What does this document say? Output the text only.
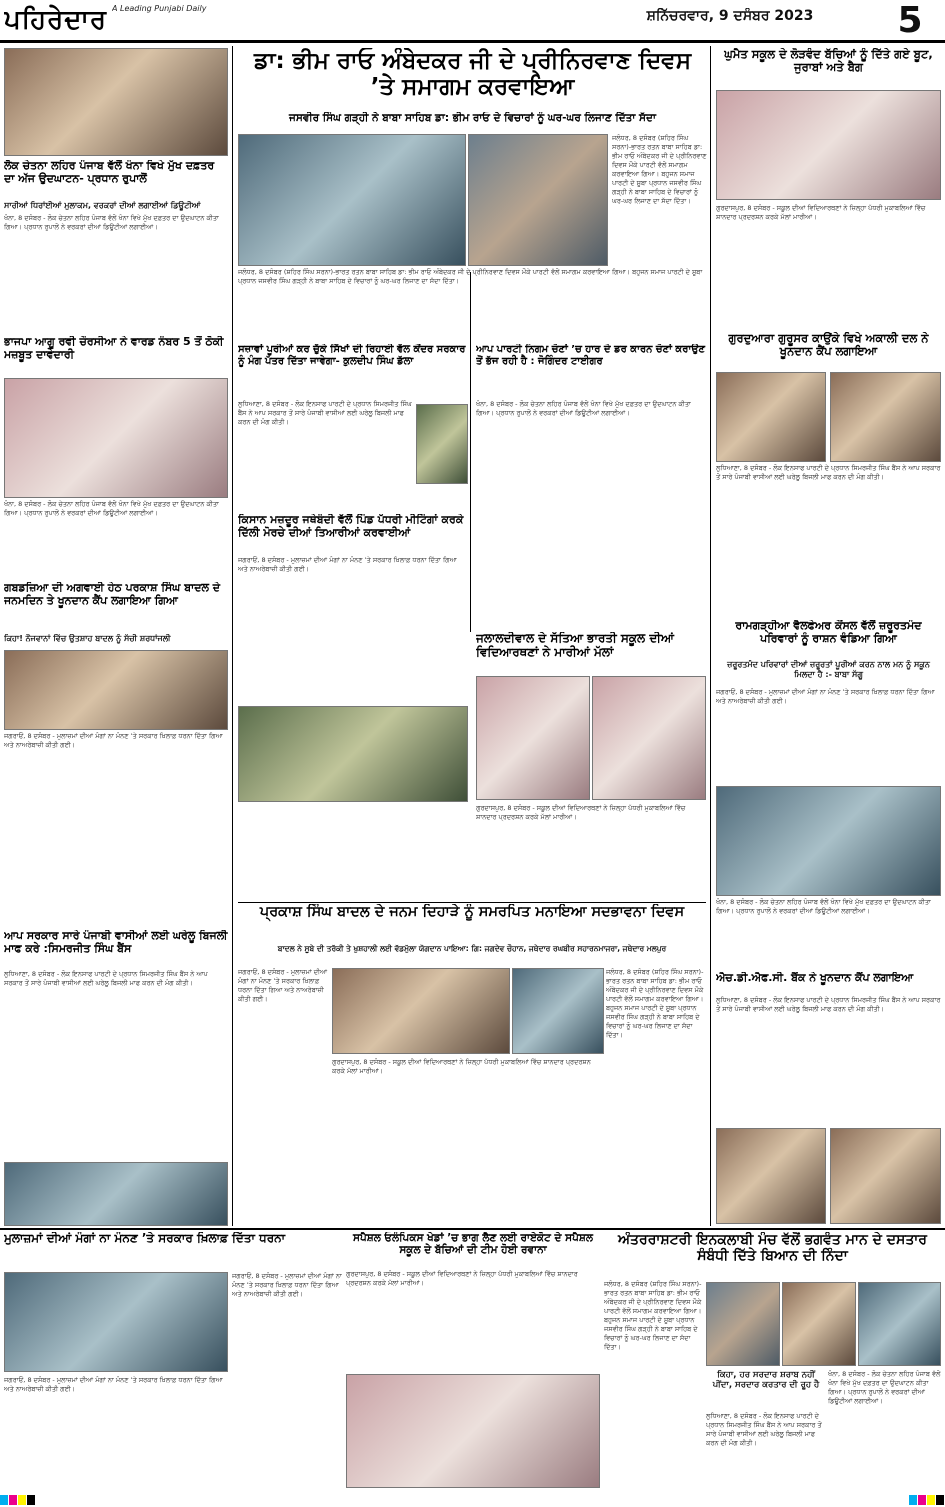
ਪਹਿਰੇਦਾਰ A Leading Punjabi Daily	ਸ਼ਨਿੱਚਰਵਾਰ, 9 ਦਸੰਬਰ 2023	5
ਡਾ: ਭੀਮ ਰਾਓ ਅੰਬੇਦਕਰ ਜੀ ਦੇ ਪ੍ਰੀਨਿਰਵਾਣ ਦਿਵਸ ’ਤੇ ਸਮਾਗਮ ਕਰਵਾਇਆ
ਜਸਵੀਰ ਸਿੰਘ ਗੜ੍ਹੀ ਨੇ ਬਾਬਾ ਸਾਹਿਬ ਡਾ: ਭੀਮ ਰਾਓ ਦੇ ਵਿਚਾਰਾਂ ਨੂੰ ਘਰ-ਘਰ ਲਿਜਾਣ ਦਿੱਤਾ ਸੱਦਾ
ਜਲੰਧਰ, 8 ਦਸੰਬਰ (ਸ਼ਹਿਰ ਸਿੰਘ ਸਰਨਾ)-ਭਾਰਤ ਰਤਨ ਬਾਬਾ ਸਾਹਿਬ ਡਾ: ਭੀਮ ਰਾਓ ਅੰਬੇਦਕਰ ਜੀ ਦੇ ਪ੍ਰੀਨਿਰਵਾਣ ਦਿਵਸ ਮੌਕੇ ਪਾਰਟੀ ਵੱਲੋਂ ਸਮਾਗਮ ਕਰਵਾਇਆ ਗਿਆ। ਬਹੁਜਨ ਸਮਾਜ ਪਾਰਟੀ ਦੇ ਸੂਬਾ ਪ੍ਰਧਾਨ ਜਸਵੀਰ ਸਿੰਘ ਗੜ੍ਹੀ ਨੇ ਬਾਬਾ ਸਾਹਿਬ ਦੇ ਵਿਚਾਰਾਂ ਨੂੰ ਘਰ-ਘਰ ਲਿਜਾਣ ਦਾ ਸੱਦਾ ਦਿੱਤਾ।
ਜਲੰਧਰ, 8 ਦਸੰਬਰ (ਸ਼ਹਿਰ ਸਿੰਘ ਸਰਨਾ)-ਭਾਰਤ ਰਤਨ ਬਾਬਾ ਸਾਹਿਬ ਡਾ: ਭੀਮ ਰਾਓ ਅੰਬੇਦਕਰ ਜੀ ਦੇ ਪ੍ਰੀਨਿਰਵਾਣ ਦਿਵਸ ਮੌਕੇ ਪਾਰਟੀ ਵੱਲੋਂ ਸਮਾਗਮ ਕਰਵਾਇਆ ਗਿਆ। ਬਹੁਜਨ ਸਮਾਜ ਪਾਰਟੀ ਦੇ ਸੂਬਾ ਪ੍ਰਧਾਨ ਜਸਵੀਰ ਸਿੰਘ ਗੜ੍ਹੀ ਨੇ ਬਾਬਾ ਸਾਹਿਬ ਦੇ ਵਿਚਾਰਾਂ ਨੂੰ ਘਰ-ਘਰ ਲਿਜਾਣ ਦਾ ਸੱਦਾ ਦਿੱਤਾ।
ਲੋਕ ਚੇਤਨਾ ਲਹਿਰ ਪੰਜਾਬ ਵੱਲੋਂ ਖੰਨਾ ਵਿਖੇ ਮੁੱਖ ਦਫ਼ਤਰ ਦਾ ਅੱਜ ਉਦਘਾਟਨ- ਪ੍ਰਧਾਨ ਰੁਪਾਲੋਂ
ਸਾਰੀਆਂ ਧਿਰਾਂਈਆਂ ਮੁਲਾਕਮ, ਵਰਕਰਾਂ ਦੀਆਂ ਲਗਾਈਆਂ ਡਿਊਟੀਆਂ
ਖੰਨਾ, 8 ਦਸੰਬਰ - ਲੋਕ ਚੇਤਨਾ ਲਹਿਰ ਪੰਜਾਬ ਵੱਲੋਂ ਖੰਨਾ ਵਿਖੇ ਮੁੱਖ ਦਫ਼ਤਰ ਦਾ ਉਦਘਾਟਨ ਕੀਤਾ ਗਿਆ। ਪ੍ਰਧਾਨ ਰੁਪਾਲੋਂ ਨੇ ਵਰਕਰਾਂ ਦੀਆਂ ਡਿਊਟੀਆਂ ਲਗਾਈਆਂ।
ਭਾਜਪਾ ਆਗੂ ਰਵੀ ਚੌਰਸੀਆ ਨੇ ਵਾਰਡ ਨੰਬਰ 5 ਤੋਂ ਠੋਕੀ ਮਜ਼ਬੂਤ ਦਾਵੇਦਾਰੀ
ਖੰਨਾ, 8 ਦਸੰਬਰ - ਲੋਕ ਚੇਤਨਾ ਲਹਿਰ ਪੰਜਾਬ ਵੱਲੋਂ ਖੰਨਾ ਵਿਖੇ ਮੁੱਖ ਦਫ਼ਤਰ ਦਾ ਉਦਘਾਟਨ ਕੀਤਾ ਗਿਆ। ਪ੍ਰਧਾਨ ਰੁਪਾਲੋਂ ਨੇ ਵਰਕਰਾਂ ਦੀਆਂ ਡਿਊਟੀਆਂ ਲਗਾਈਆਂ।
ਗਬਡਜ਼ਿਆ ਦੀ ਅਗਵਾਈ ਹੇਠ ਪਰਕਾਸ਼ ਸਿੰਘ ਬਾਦਲ ਦੇ ਜਨਮਦਿਨ ਤੇ ਖੂਨਦਾਨ ਕੈਂਪ ਲਗਾਇਆ ਗਿਆ
ਕਿਹਾ! ਨੌਜਵਾਨਾਂ ਵਿੱਚ ਉਤਸ਼ਾਹ ਬਾਦਲ ਨੂੰ ਸੱਚੀ ਸ਼ਰਧਾਂਜਲੀ
ਜਗਰਾਓਂ, 8 ਦਸੰਬਰ - ਮੁਲਾਜ਼ਮਾਂ ਦੀਆਂ ਮੰਗਾਂ ਨਾ ਮੰਨਣ ’ਤੇ ਸਰਕਾਰ ਖ਼ਿਲਾਫ਼ ਧਰਨਾ ਦਿੱਤਾ ਗਿਆ ਅਤੇ ਨਾਅਰੇਬਾਜ਼ੀ ਕੀਤੀ ਗਈ।
ਆਪ ਸਰਕਾਰ ਸਾਰੇ ਪੰਜਾਬੀ ਵਾਸੀਆਂ ਲਈ ਘਰੇਲੂ ਬਿਜਲੀ ਮਾਫ ਕਰੇ :ਸਿਮਰਜੀਤ ਸਿੰਘ ਬੈਂਸ
ਲੁਧਿਆਣਾ, 8 ਦਸੰਬਰ - ਲੋਕ ਇਨਸਾਫ ਪਾਰਟੀ ਦੇ ਪ੍ਰਧਾਨ ਸਿਮਰਜੀਤ ਸਿੰਘ ਬੈਂਸ ਨੇ ਆਪ ਸਰਕਾਰ ਤੋਂ ਸਾਰੇ ਪੰਜਾਬੀ ਵਾਸੀਆਂ ਲਈ ਘਰੇਲੂ ਬਿਜਲੀ ਮਾਫ ਕਰਨ ਦੀ ਮੰਗ ਕੀਤੀ।
ਸਜ਼ਾਵਾਂ ਪੂਰੀਆਂ ਕਰ ਚੁੱਕੇ ਸਿੱਖਾਂ ਦੀ ਰਿਹਾਈ ਵੱਲ ਕੇਂਦਰ ਸਰਕਾਰ ਨੂੰ ਮੰਗ ਪੱਤਰ ਦਿੱਤਾ ਜਾਵੇਗਾ- ਕੁਲਦੀਪ ਸਿੰਘ ਡੱਲਾ
ਲੁਧਿਆਣਾ, 8 ਦਸੰਬਰ - ਲੋਕ ਇਨਸਾਫ ਪਾਰਟੀ ਦੇ ਪ੍ਰਧਾਨ ਸਿਮਰਜੀਤ ਸਿੰਘ ਬੈਂਸ ਨੇ ਆਪ ਸਰਕਾਰ ਤੋਂ ਸਾਰੇ ਪੰਜਾਬੀ ਵਾਸੀਆਂ ਲਈ ਘਰੇਲੂ ਬਿਜਲੀ ਮਾਫ ਕਰਨ ਦੀ ਮੰਗ ਕੀਤੀ।
ਆਪ ਪਾਰਟੀ ਨਿਗਮ ਚੋਣਾਂ ’ਚ ਹਾਰ ਦੇ ਡਰ ਕਾਰਨ ਚੋਣਾਂ ਕਰਾਉਣ ਤੋਂ ਭੱਜ ਰਹੀ ਹੈ : ਜੋਗਿੰਦਰ ਟਾਈਗਰ
ਖੰਨਾ, 8 ਦਸੰਬਰ - ਲੋਕ ਚੇਤਨਾ ਲਹਿਰ ਪੰਜਾਬ ਵੱਲੋਂ ਖੰਨਾ ਵਿਖੇ ਮੁੱਖ ਦਫ਼ਤਰ ਦਾ ਉਦਘਾਟਨ ਕੀਤਾ ਗਿਆ। ਪ੍ਰਧਾਨ ਰੁਪਾਲੋਂ ਨੇ ਵਰਕਰਾਂ ਦੀਆਂ ਡਿਊਟੀਆਂ ਲਗਾਈਆਂ।
ਕਿਸਾਨ ਮਜ਼ਦੂਰ ਜਥੇਬੰਦੀ ਵੱਲੋਂ ਪਿੰਡ ਪੱਧਰੀ ਮੀਟਿੰਗਾਂ ਕਰਕੇ ਦਿੱਲੀ ਮੋਰਚੇ ਦੀਆਂ ਤਿਆਰੀਆਂ ਕਰਵਾਈਆਂ
ਜਗਰਾਓਂ, 8 ਦਸੰਬਰ - ਮੁਲਾਜ਼ਮਾਂ ਦੀਆਂ ਮੰਗਾਂ ਨਾ ਮੰਨਣ ’ਤੇ ਸਰਕਾਰ ਖ਼ਿਲਾਫ਼ ਧਰਨਾ ਦਿੱਤਾ ਗਿਆ ਅਤੇ ਨਾਅਰੇਬਾਜ਼ੀ ਕੀਤੀ ਗਈ।
ਜਲਾਲਦੀਵਾਲ ਦੇ ਸੱਤਿਆ ਭਾਰਤੀ ਸਕੂਲ ਦੀਆਂ ਵਿਦਿਆਰਥਣਾਂ ਨੇ ਮਾਰੀਆਂ ਮੱਲਾਂ
ਗੁਰਦਾਸਪੁਰ, 8 ਦਸੰਬਰ - ਸਕੂਲ ਦੀਆਂ ਵਿਦਿਆਰਥਣਾਂ ਨੇ ਜ਼ਿਲ੍ਹਾ ਪੱਧਰੀ ਮੁਕਾਬਲਿਆਂ ਵਿੱਚ ਸ਼ਾਨਦਾਰ ਪ੍ਰਦਰਸ਼ਨ ਕਰਕੇ ਮੱਲਾਂ ਮਾਰੀਆਂ।
ਪ੍ਰਕਾਸ਼ ਸਿੰਘ ਬਾਦਲ ਦੇ ਜਨਮ ਦਿਹਾੜੇ ਨੂੰ ਸਮਰਪਿਤ ਮਨਾਇਆ ਸਦਭਾਵਨਾ ਦਿਵਸ
ਬਾਦਲ ਨੇ ਸੂਬੇ ਦੀ ਤਰੱਕੀ ਤੇ ਖੁਸ਼ਹਾਲੀ ਲਈ ਵੱਡਮੁੱਲਾ ਯੋਗਦਾਨ ਪਾਇਆ: ਗਿ: ਜਗਦੇਵ ਚੌਹਾਨ, ਜਥੇਦਾਰ ਰਘਬੀਰ ਸਹਾਰਨਮਾਜਰਾ, ਜਥੇਦਾਰ ਮਲਪੁਰ
ਜਗਰਾਓਂ, 8 ਦਸੰਬਰ - ਮੁਲਾਜ਼ਮਾਂ ਦੀਆਂ ਮੰਗਾਂ ਨਾ ਮੰਨਣ ’ਤੇ ਸਰਕਾਰ ਖ਼ਿਲਾਫ਼ ਧਰਨਾ ਦਿੱਤਾ ਗਿਆ ਅਤੇ ਨਾਅਰੇਬਾਜ਼ੀ ਕੀਤੀ ਗਈ।
ਜਲੰਧਰ, 8 ਦਸੰਬਰ (ਸ਼ਹਿਰ ਸਿੰਘ ਸਰਨਾ)-ਭਾਰਤ ਰਤਨ ਬਾਬਾ ਸਾਹਿਬ ਡਾ: ਭੀਮ ਰਾਓ ਅੰਬੇਦਕਰ ਜੀ ਦੇ ਪ੍ਰੀਨਿਰਵਾਣ ਦਿਵਸ ਮੌਕੇ ਪਾਰਟੀ ਵੱਲੋਂ ਸਮਾਗਮ ਕਰਵਾਇਆ ਗਿਆ। ਬਹੁਜਨ ਸਮਾਜ ਪਾਰਟੀ ਦੇ ਸੂਬਾ ਪ੍ਰਧਾਨ ਜਸਵੀਰ ਸਿੰਘ ਗੜ੍ਹੀ ਨੇ ਬਾਬਾ ਸਾਹਿਬ ਦੇ ਵਿਚਾਰਾਂ ਨੂੰ ਘਰ-ਘਰ ਲਿਜਾਣ ਦਾ ਸੱਦਾ ਦਿੱਤਾ।
ਗੁਰਦਾਸਪੁਰ, 8 ਦਸੰਬਰ - ਸਕੂਲ ਦੀਆਂ ਵਿਦਿਆਰਥਣਾਂ ਨੇ ਜ਼ਿਲ੍ਹਾ ਪੱਧਰੀ ਮੁਕਾਬਲਿਆਂ ਵਿੱਚ ਸ਼ਾਨਦਾਰ ਪ੍ਰਦਰਸ਼ਨ ਕਰਕੇ ਮੱਲਾਂ ਮਾਰੀਆਂ।
ਘੁਮੈਤ ਸਕੂਲ ਦੇ ਲੋੜਵੰਦ ਬੱਚਿਆਂ ਨੂੰ ਦਿੱਤੇ ਗਏ ਬੂਟ, ਜੁਰਾਬਾਂ ਅਤੇ ਬੈਗ
ਗੁਰਦਾਸਪੁਰ, 8 ਦਸੰਬਰ - ਸਕੂਲ ਦੀਆਂ ਵਿਦਿਆਰਥਣਾਂ ਨੇ ਜ਼ਿਲ੍ਹਾ ਪੱਧਰੀ ਮੁਕਾਬਲਿਆਂ ਵਿੱਚ ਸ਼ਾਨਦਾਰ ਪ੍ਰਦਰਸ਼ਨ ਕਰਕੇ ਮੱਲਾਂ ਮਾਰੀਆਂ।
ਗੁਰਦੁਆਰਾ ਗੁਰੂਸਰ ਕਾਉਂਕੇ ਵਿਖੇ ਅਕਾਲੀ ਦਲ ਨੇ ਖੂਨਦਾਨ ਕੈਂਪ ਲਗਾਇਆ
ਲੁਧਿਆਣਾ, 8 ਦਸੰਬਰ - ਲੋਕ ਇਨਸਾਫ ਪਾਰਟੀ ਦੇ ਪ੍ਰਧਾਨ ਸਿਮਰਜੀਤ ਸਿੰਘ ਬੈਂਸ ਨੇ ਆਪ ਸਰਕਾਰ ਤੋਂ ਸਾਰੇ ਪੰਜਾਬੀ ਵਾਸੀਆਂ ਲਈ ਘਰੇਲੂ ਬਿਜਲੀ ਮਾਫ ਕਰਨ ਦੀ ਮੰਗ ਕੀਤੀ।
ਰਾਮਗੜ੍ਹੀਆ ਵੈਲਫੇਅਰ ਕੌਂਸਲ ਵੱਲੋਂ ਜ਼ਰੂਰਤਮੰਦ ਪਰਿਵਾਰਾਂ ਨੂੰ ਰਾਸ਼ਨ ਵੰਡਿਆ ਗਿਆ
ਜ਼ਰੂਰਤਮੰਦ ਪਰਿਵਾਰਾਂ ਦੀਆਂ ਜ਼ਰੂਰਤਾਂ ਪੂਰੀਆਂ ਕਰਨ ਨਾਲ ਮਨ ਨੂੰ ਸਕੂਨ ਮਿਲਦਾ ਹੈ :- ਬਾਬਾ ਸੱਗੂ
ਜਗਰਾਓਂ, 8 ਦਸੰਬਰ - ਮੁਲਾਜ਼ਮਾਂ ਦੀਆਂ ਮੰਗਾਂ ਨਾ ਮੰਨਣ ’ਤੇ ਸਰਕਾਰ ਖ਼ਿਲਾਫ਼ ਧਰਨਾ ਦਿੱਤਾ ਗਿਆ ਅਤੇ ਨਾਅਰੇਬਾਜ਼ੀ ਕੀਤੀ ਗਈ।
ਖੰਨਾ, 8 ਦਸੰਬਰ - ਲੋਕ ਚੇਤਨਾ ਲਹਿਰ ਪੰਜਾਬ ਵੱਲੋਂ ਖੰਨਾ ਵਿਖੇ ਮੁੱਖ ਦਫ਼ਤਰ ਦਾ ਉਦਘਾਟਨ ਕੀਤਾ ਗਿਆ। ਪ੍ਰਧਾਨ ਰੁਪਾਲੋਂ ਨੇ ਵਰਕਰਾਂ ਦੀਆਂ ਡਿਊਟੀਆਂ ਲਗਾਈਆਂ।
ਐਚ.ਡੀ.ਐਫ.ਸੀ. ਬੈਂਕ ਨੇ ਖੂਨਦਾਨ ਕੈਂਪ ਲਗਾਇਆ
ਲੁਧਿਆਣਾ, 8 ਦਸੰਬਰ - ਲੋਕ ਇਨਸਾਫ ਪਾਰਟੀ ਦੇ ਪ੍ਰਧਾਨ ਸਿਮਰਜੀਤ ਸਿੰਘ ਬੈਂਸ ਨੇ ਆਪ ਸਰਕਾਰ ਤੋਂ ਸਾਰੇ ਪੰਜਾਬੀ ਵਾਸੀਆਂ ਲਈ ਘਰੇਲੂ ਬਿਜਲੀ ਮਾਫ ਕਰਨ ਦੀ ਮੰਗ ਕੀਤੀ।
ਮੁਲਾਜ਼ਮਾਂ ਦੀਆਂ ਮੰਗਾਂ ਨਾ ਮੰਨਣ ’ਤੇ ਸਰਕਾਰ ਖ਼ਿਲਾਫ਼ ਦਿੱਤਾ ਧਰਨਾ
ਜਗਰਾਓਂ, 8 ਦਸੰਬਰ - ਮੁਲਾਜ਼ਮਾਂ ਦੀਆਂ ਮੰਗਾਂ ਨਾ ਮੰਨਣ ’ਤੇ ਸਰਕਾਰ ਖ਼ਿਲਾਫ਼ ਧਰਨਾ ਦਿੱਤਾ ਗਿਆ ਅਤੇ ਨਾਅਰੇਬਾਜ਼ੀ ਕੀਤੀ ਗਈ।
ਜਗਰਾਓਂ, 8 ਦਸੰਬਰ - ਮੁਲਾਜ਼ਮਾਂ ਦੀਆਂ ਮੰਗਾਂ ਨਾ ਮੰਨਣ ’ਤੇ ਸਰਕਾਰ ਖ਼ਿਲਾਫ਼ ਧਰਨਾ ਦਿੱਤਾ ਗਿਆ ਅਤੇ ਨਾਅਰੇਬਾਜ਼ੀ ਕੀਤੀ ਗਈ।
ਸਪੈਸ਼ਲ ਓਲੰਪਿਕਸ ਖੇਡਾਂ ’ਚ ਭਾਗ ਲੈਣ ਲਈ ਰਾਏਕੋਟ ਦੇ ਸਪੈਸ਼ਲ ਸਕੂਲ ਦੇ ਬੱਚਿਆਂ ਦੀ ਟੀਮ ਹੋਈ ਰਵਾਨਾ
ਗੁਰਦਾਸਪੁਰ, 8 ਦਸੰਬਰ - ਸਕੂਲ ਦੀਆਂ ਵਿਦਿਆਰਥਣਾਂ ਨੇ ਜ਼ਿਲ੍ਹਾ ਪੱਧਰੀ ਮੁਕਾਬਲਿਆਂ ਵਿੱਚ ਸ਼ਾਨਦਾਰ ਪ੍ਰਦਰਸ਼ਨ ਕਰਕੇ ਮੱਲਾਂ ਮਾਰੀਆਂ।
ਅੰਤਰਰਾਸ਼ਟਰੀ ਇਨਕਲਾਬੀ ਮੰਚ ਵੱਲੋਂ ਭਗਵੰਤ ਮਾਨ ਦੇ ਦਸਤਾਰ ਸੰਬੰਧੀ ਦਿੱਤੇ ਬਿਆਨ ਦੀ ਨਿੰਦਾ
ਜਲੰਧਰ, 8 ਦਸੰਬਰ (ਸ਼ਹਿਰ ਸਿੰਘ ਸਰਨਾ)-ਭਾਰਤ ਰਤਨ ਬਾਬਾ ਸਾਹਿਬ ਡਾ: ਭੀਮ ਰਾਓ ਅੰਬੇਦਕਰ ਜੀ ਦੇ ਪ੍ਰੀਨਿਰਵਾਣ ਦਿਵਸ ਮੌਕੇ ਪਾਰਟੀ ਵੱਲੋਂ ਸਮਾਗਮ ਕਰਵਾਇਆ ਗਿਆ। ਬਹੁਜਨ ਸਮਾਜ ਪਾਰਟੀ ਦੇ ਸੂਬਾ ਪ੍ਰਧਾਨ ਜਸਵੀਰ ਸਿੰਘ ਗੜ੍ਹੀ ਨੇ ਬਾਬਾ ਸਾਹਿਬ ਦੇ ਵਿਚਾਰਾਂ ਨੂੰ ਘਰ-ਘਰ ਲਿਜਾਣ ਦਾ ਸੱਦਾ ਦਿੱਤਾ।
ਕਿਹਾ, ਹਰ ਸਰਦਾਰ ਸ਼ਰਾਬ ਨਹੀਂ ਪੀਂਦਾ, ਸਰਦਾਰ ਕਰਤਾਰ ਦੀ ਰੂਹ ਹੈ
ਖੰਨਾ, 8 ਦਸੰਬਰ - ਲੋਕ ਚੇਤਨਾ ਲਹਿਰ ਪੰਜਾਬ ਵੱਲੋਂ ਖੰਨਾ ਵਿਖੇ ਮੁੱਖ ਦਫ਼ਤਰ ਦਾ ਉਦਘਾਟਨ ਕੀਤਾ ਗਿਆ। ਪ੍ਰਧਾਨ ਰੁਪਾਲੋਂ ਨੇ ਵਰਕਰਾਂ ਦੀਆਂ ਡਿਊਟੀਆਂ ਲਗਾਈਆਂ।
ਲੁਧਿਆਣਾ, 8 ਦਸੰਬਰ - ਲੋਕ ਇਨਸਾਫ ਪਾਰਟੀ ਦੇ ਪ੍ਰਧਾਨ ਸਿਮਰਜੀਤ ਸਿੰਘ ਬੈਂਸ ਨੇ ਆਪ ਸਰਕਾਰ ਤੋਂ ਸਾਰੇ ਪੰਜਾਬੀ ਵਾਸੀਆਂ ਲਈ ਘਰੇਲੂ ਬਿਜਲੀ ਮਾਫ ਕਰਨ ਦੀ ਮੰਗ ਕੀਤੀ।
